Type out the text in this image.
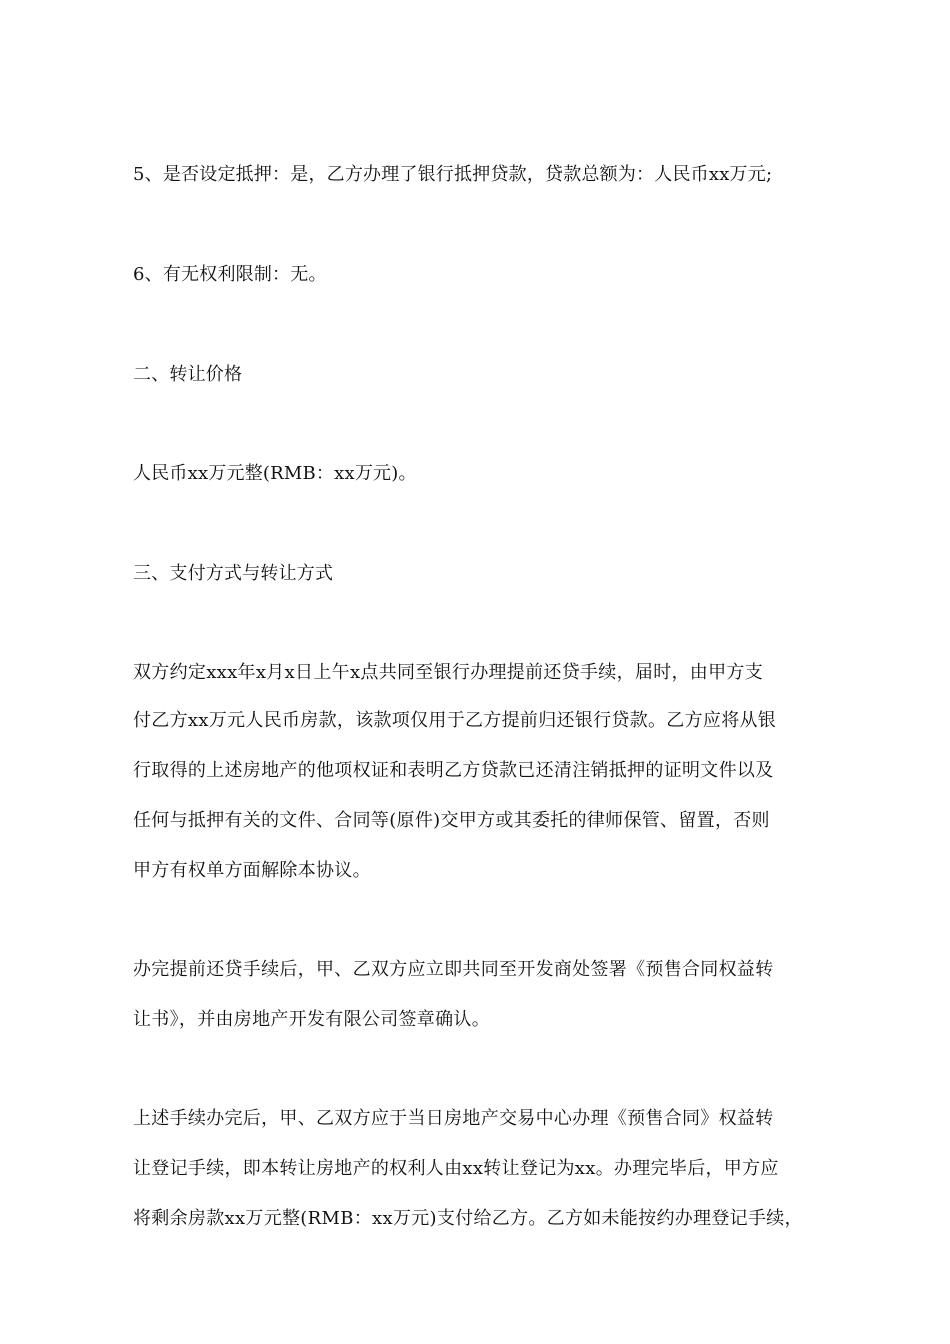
5、是否设定抵押：是，乙方办理了银行抵押贷款，贷款总额为：人民币xx万元;
6、有无权利限制：无。
二、转让价格
人民币xx万元整(RMB：xx万元)。
三、支付方式与转让方式
双方约定xxx年x月x日上午x点共同至银行办理提前还贷手续，届时，由甲方支
付乙方xx万元人民币房款，该款项仅用于乙方提前归还银行贷款。乙方应将从银
行取得的上述房地产的他项权证和表明乙方贷款已还清注销抵押的证明文件以及
任何与抵押有关的文件、合同等(原件)交甲方或其委托的律师保管、留置，否则
甲方有权单方面解除本协议。
办完提前还贷手续后，甲、乙双方应立即共同至开发商处签署《预售合同权益转
让书》，并由房地产开发有限公司签章确认。
上述手续办完后，甲、乙双方应于当日房地产交易中心办理《预售合同》权益转
让登记手续，即本转让房地产的权利人由xx转让登记为xx。办理完毕后，甲方应
将剩余房款xx万元整(RMB：xx万元)支付给乙方。乙方如未能按约办理登记手续，
